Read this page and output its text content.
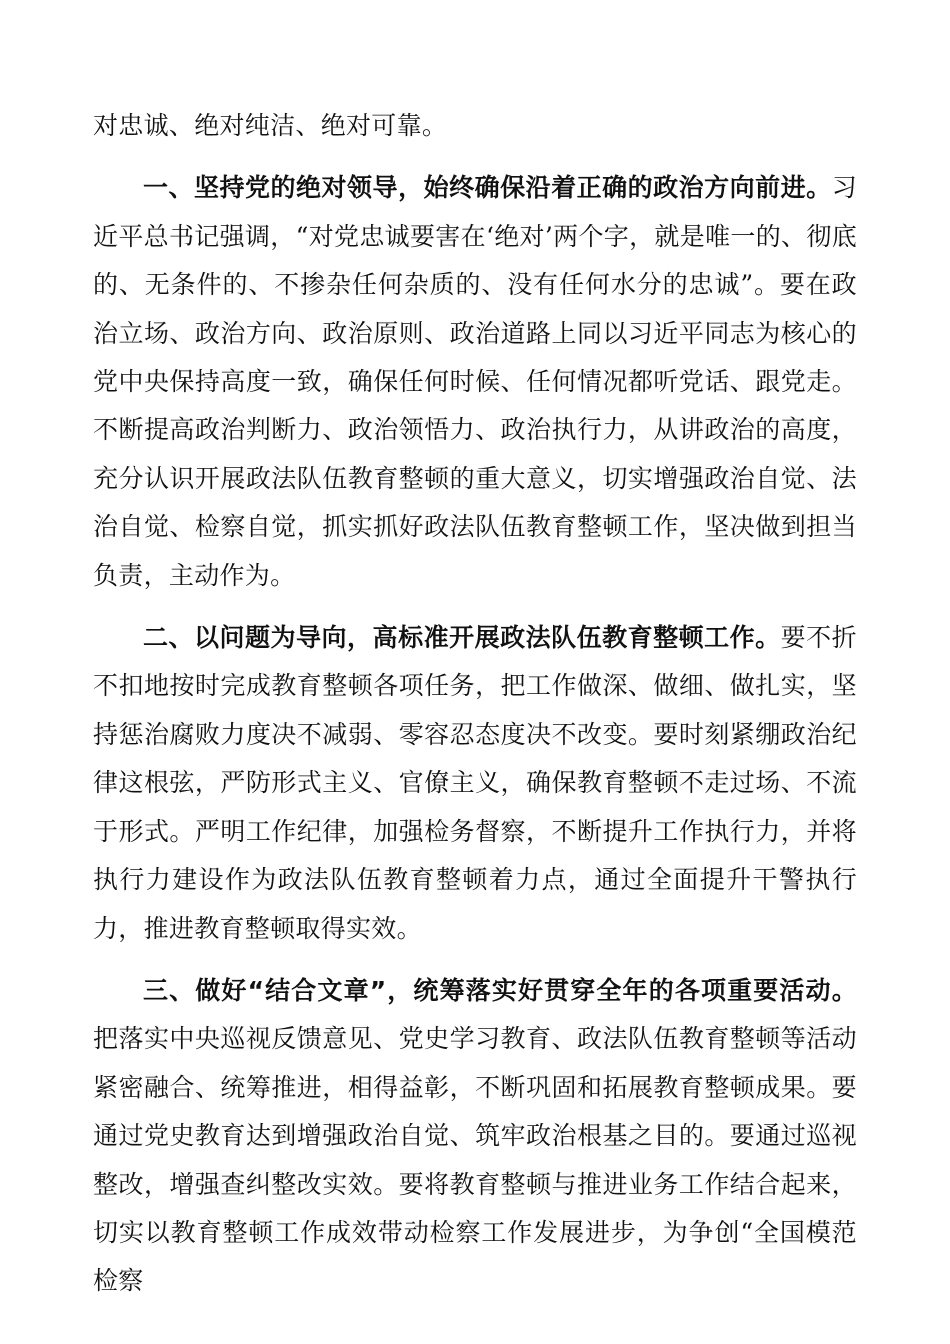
对忠诚、绝对纯洁、绝对可靠。

一、坚持党的绝对领导，始终确保沿着正确的政治方向前进。习近平总书记强调，“对党忠诚要害在‘绝对’两个字，就是唯一的、彻底的、无条件的、不掺杂任何杂质的、没有任何水分的忠诚”。要在政治立场、政治方向、政治原则、政治道路上同以习近平同志为核心的党中央保持高度一致，确保任何时候、任何情况都听党话、跟党走。不断提高政治判断力、政治领悟力、政治执行力，从讲政治的高度，充分认识开展政法队伍教育整顿的重大意义，切实增强政治自觉、法治自觉、检察自觉，抓实抓好政法队伍教育整顿工作，坚决做到担当负责，主动作为。

二、以问题为导向，高标准开展政法队伍教育整顿工作。要不折不扣地按时完成教育整顿各项任务，把工作做深、做细、做扎实，坚持惩治腐败力度决不减弱、零容忍态度决不改变。要时刻紧绷政治纪律这根弦，严防形式主义、官僚主义，确保教育整顿不走过场、不流于形式。严明工作纪律，加强检务督察，不断提升工作执行力，并将执行力建设作为政法队伍教育整顿着力点，通过全面提升干警执行力，推进教育整顿取得实效。

三、做好“结合文章”，统筹落实好贯穿全年的各项重要活动。把落实中央巡视反馈意见、党史学习教育、政法队伍教育整顿等活动紧密融合、统筹推进，相得益彰，不断巩固和拓展教育整顿成果。要通过党史教育达到增强政治自觉、筑牢政治根基之目的。要通过巡视整改，增强查纠整改实效。要将教育整顿与推进业务工作结合起来，切实以教育整顿工作成效带动检察工作发展进步，为争创“全国模范检察
